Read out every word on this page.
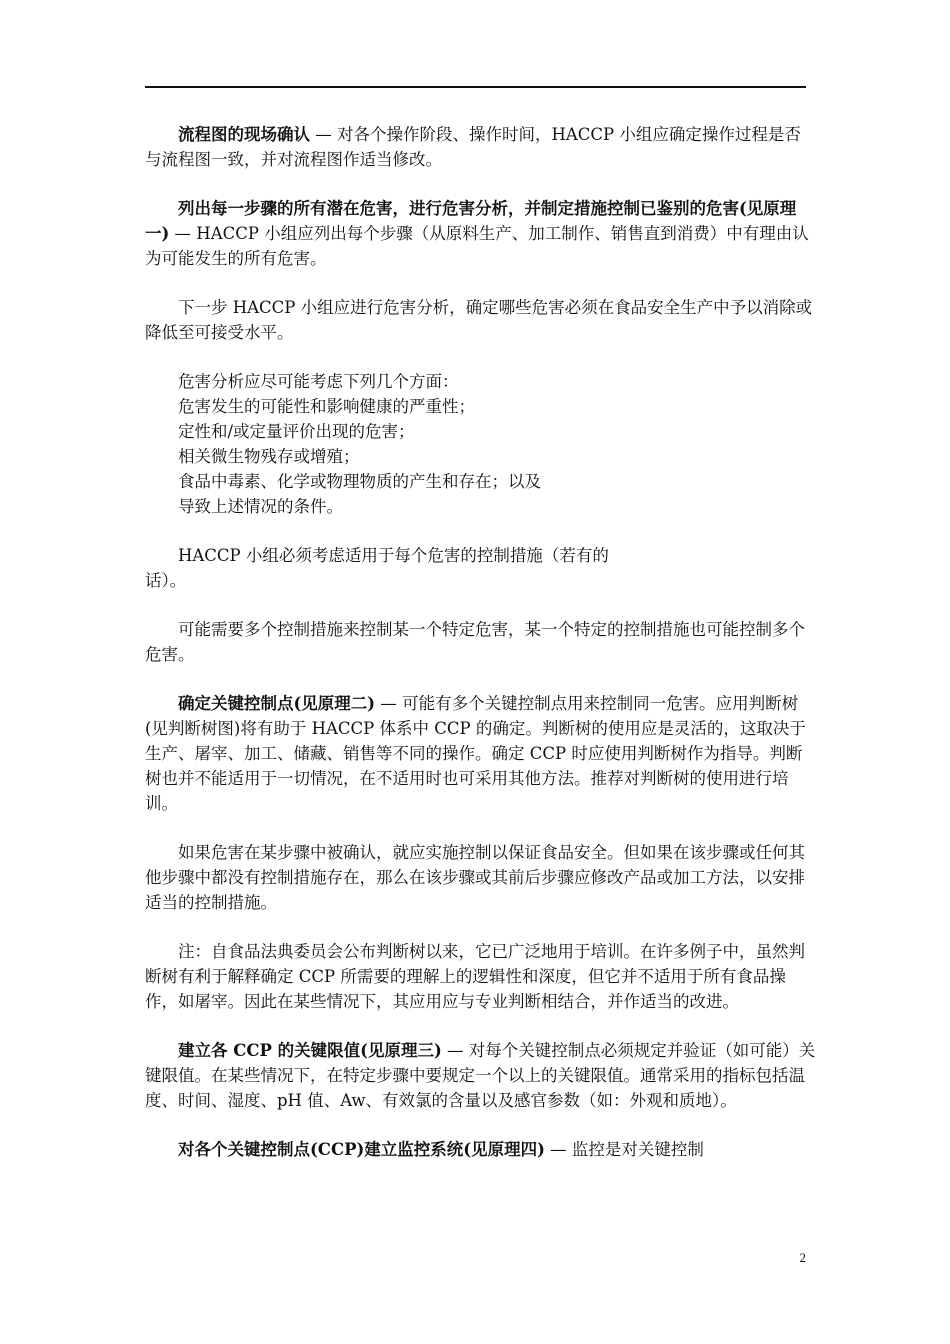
流程图的现场确认 — 对各个操作阶段、操作时间，HACCP 小组应确定操作过程是否与流程图一致，并对流程图作适当修改。

列出每一步骤的所有潜在危害，进行危害分析，并制定措施控制已鉴别的危害(见原理一) — HACCP 小组应列出每个步骤（从原料生产、加工制作、销售直到消费）中有理由认为可能发生的所有危害。

下一步 HACCP 小组应进行危害分析，确定哪些危害必须在食品安全生产中予以消除或降低至可接受水平。

危害分析应尽可能考虑下列几个方面：
危害发生的可能性和影响健康的严重性；
定性和/或定量评价出现的危害；
相关微生物残存或增殖；
食品中毒素、化学或物理物质的产生和存在；以及
导致上述情况的条件。

HACCP 小组必须考虑适用于每个危害的控制措施（若有的
话）。

可能需要多个控制措施来控制某一个特定危害，某一个特定的控制措施也可能控制多个危害。

确定关键控制点(见原理二) — 可能有多个关键控制点用来控制同一危害。应用判断树(见判断树图)将有助于 HACCP 体系中 CCP 的确定。判断树的使用应是灵活的，这取决于生产、屠宰、加工、储藏、销售等不同的操作。确定 CCP 时应使用判断树作为指导。判断树也并不能适用于一切情况，在不适用时也可采用其他方法。推荐对判断树的使用进行培训。

如果危害在某步骤中被确认，就应实施控制以保证食品安全。但如果在该步骤或任何其他步骤中都没有控制措施存在，那么在该步骤或其前后步骤应修改产品或加工方法，以安排适当的控制措施。

注：自食品法典委员会公布判断树以来，它已广泛地用于培训。在许多例子中，虽然判断树有利于解释确定 CCP 所需要的理解上的逻辑性和深度，但它并不适用于所有食品操作，如屠宰。因此在某些情况下，其应用应与专业判断相结合，并作适当的改进。

建立各 CCP 的关键限值(见原理三) — 对每个关键控制点必须规定并验证（如可能）关键限值。在某些情况下，在特定步骤中要规定一个以上的关键限值。通常采用的指标包括温度、时间、湿度、pH 值、Aw、有效氯的含量以及感官参数（如：外观和质地）。

对各个关键控制点(CCP)建立监控系统(见原理四) — 监控是对关键控制

2
